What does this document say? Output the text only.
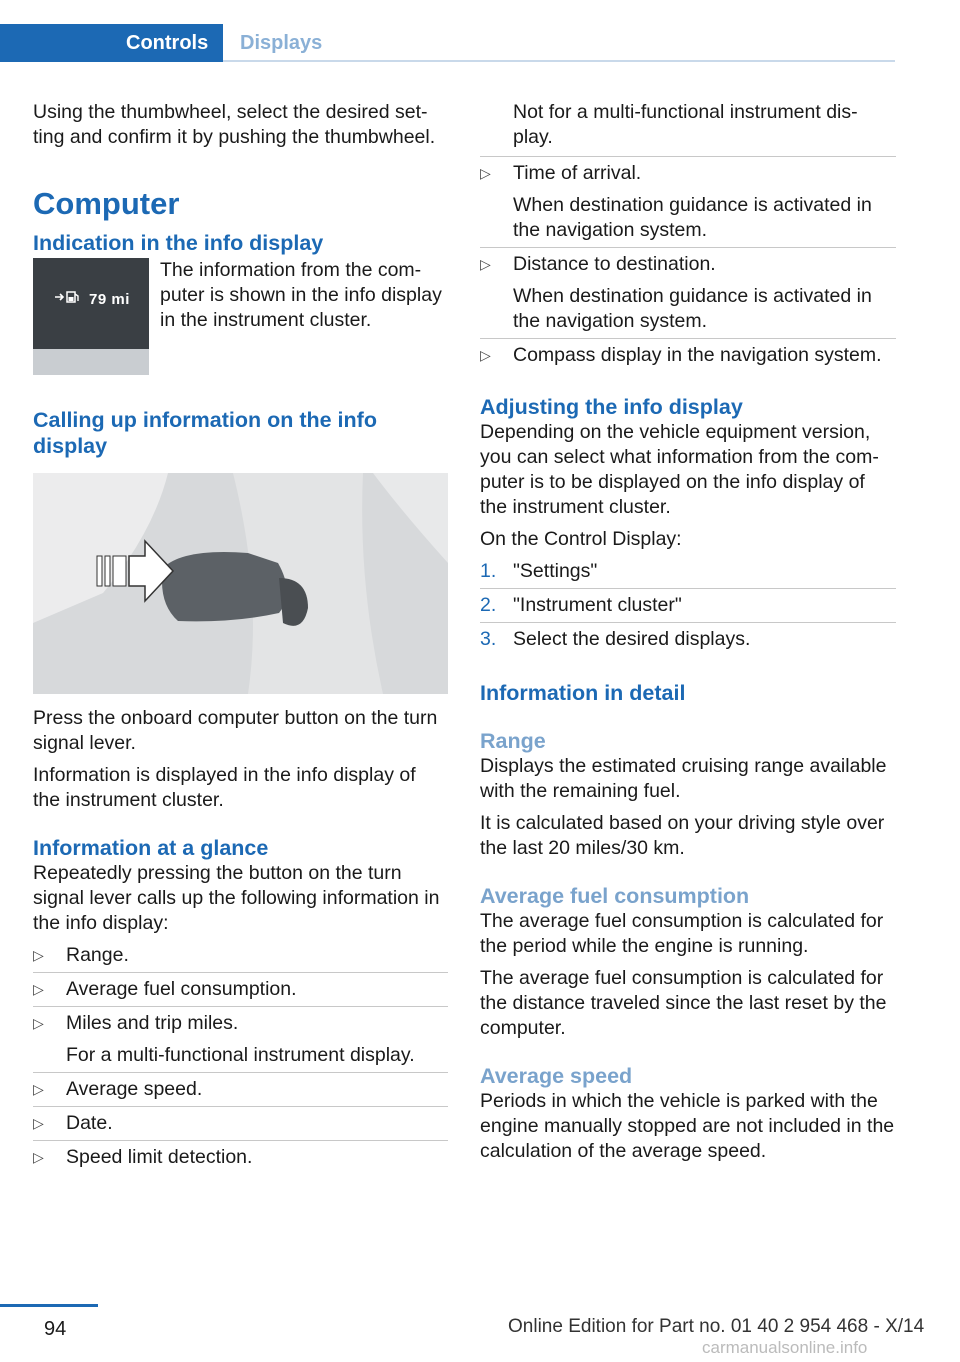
Controls	Displays

Using the thumbwheel, select the desired set-ting and confirm it by pushing the thumbwheel.

Computer
Indication in the info display
79 mi

The information from the com-puter is shown in the info display in the instrument cluster.

Calling up information on the info display

Press the onboard computer button on the turn signal lever.

Information is displayed in the info display of the instrument cluster.

Information at a glance

Repeatedly pressing the button on the turn signal lever calls up the following information in the info display:

▷ Range.
▷ Average fuel consumption.
▷ Miles and trip miles.
For a multi-functional instrument display.
▷ Average speed.
▷ Date.
▷ Speed limit detection.

Not for a multi-functional instrument dis-play.

▷ Time of arrival.
When destination guidance is activated in the navigation system.
▷ Distance to destination.
When destination guidance is activated in the navigation system.
▷ Compass display in the navigation system.
Adjusting the info display

Depending on the vehicle equipment version, you can select what information from the com-puter is to be displayed on the info display of the instrument cluster.

On the Control Display:

1. "Settings"
2. "Instrument cluster"
3. Select the desired displays.
Information in detail
Range

Displays the estimated cruising range available with the remaining fuel.

It is calculated based on your driving style over the last 20 miles/30 km.

Average fuel consumption

The average fuel consumption is calculated for the period while the engine is running.

The average fuel consumption is calculated for the distance traveled since the last reset by the computer.

Average speed

Periods in which the vehicle is parked with the engine manually stopped are not included in the calculation of the average speed.

94	Online Edition for Part no. 01 40 2 954 468 - X/14
carmanualsonline.info
